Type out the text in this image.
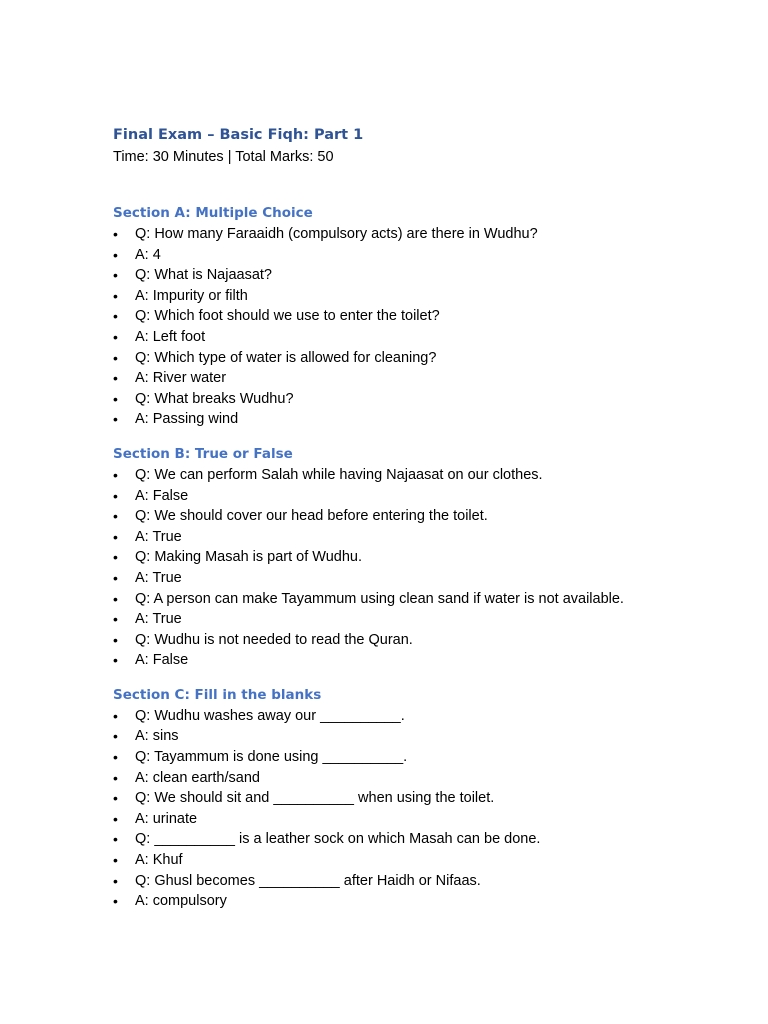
Final Exam – Basic Fiqh: Part 1

Time: 30 Minutes | Total Marks: 50

Section A: Multiple Choice
• Q: How many Faraaidh (compulsory acts) are there in Wudhu?
• A: 4
• Q: What is Najaasat?
• A: Impurity or filth
• Q: Which foot should we use to enter the toilet?
• A: Left foot
• Q: Which type of water is allowed for cleaning?
• A: River water
• Q: What breaks Wudhu?
• A: Passing wind
Section B: True or False
• Q: We can perform Salah while having Najaasat on our clothes.
• A: False
• Q: We should cover our head before entering the toilet.
• A: True
• Q: Making Masah is part of Wudhu.
• A: True
• Q: A person can make Tayammum using clean sand if water is not available.
• A: True
• Q: Wudhu is not needed to read the Quran.
• A: False
Section C: Fill in the blanks
• Q: Wudhu washes away our __________.
• A: sins
• Q: Tayammum is done using __________.
• A: clean earth/sand
• Q: We should sit and __________ when using the toilet.
• A: urinate
• Q: __________ is a leather sock on which Masah can be done.
• A: Khuf
• Q: Ghusl becomes __________ after Haidh or Nifaas.
• A: compulsory
